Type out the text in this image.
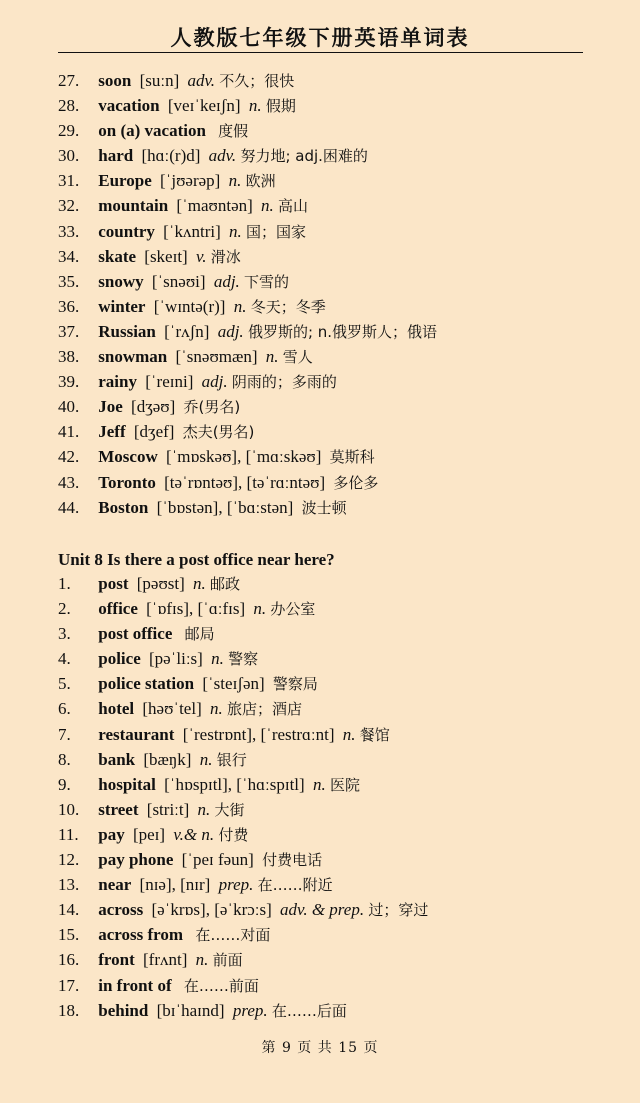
人教版七年级下册英语单词表
27. soon [suːn] adv. 不久；很快
28. vacation [veɪˈkeɪʃn] n. 假期
29. on (a) vacation 度假
30. hard [hɑː(r)d] adv. 努力地; adj.困难的
31. Europe [ˈjʊərəp] n. 欧洲
32. mountain [ˈmaʊntən] n. 高山
33. country [ˈkʌntri] n. 国；国家
34. skate [skeɪt] v. 滑冰
35. snowy [ˈsnəʊi] adj. 下雪的
36. winter [ˈwɪntə(r)] n. 冬天；冬季
37. Russian [ˈrʌʃn] adj. 俄罗斯的; n.俄罗斯人；俄语
38. snowman [ˈsnəʊmæn] n. 雪人
39. rainy [ˈreɪni] adj. 阴雨的；多雨的
40. Joe [dʒəʊ] 乔(男名)
41. Jeff [dʒef] 杰夫(男名)
42. Moscow [ˈmɒskəʊ], [ˈmɑːskəʊ] 莫斯科
43. Toronto [təˈrɒntəʊ], [təˈrɑːntəʊ] 多伦多
44. Boston [ˈbɒstən], [ˈbɑːstən] 波士顿
Unit 8 Is there a post office near here?
1. post [pəʊst] n. 邮政
2. office [ˈɒfɪs], [ˈɑːfɪs] n. 办公室
3. post office 邮局
4. police [pəˈliːs] n. 警察
5. police station [ˈsteɪʃən] 警察局
6. hotel [həʊˈtel] n. 旅店；酒店
7. restaurant [ˈrestrɒnt], [ˈrestrɑːnt] n. 餐馆
8. bank [bæŋk] n. 银行
9. hospital [ˈhɒspɪtl], [ˈhɑːspɪtl] n. 医院
10. street [striːt] n. 大街
11. pay [peɪ] v.& n. 付费
12. pay phone [ˈpeɪ fəun] 付费电话
13. near [nɪə], [nɪr] prep. 在……附近
14. across [əˈkrɒs], [əˈkrɔːs] adv. & prep. 过；穿过
15. across from 在……对面
16. front [frʌnt] n. 前面
17. in front of 在……前面
18. behind [bɪˈhaɪnd] prep. 在……后面
第 9 页 共 15 页
